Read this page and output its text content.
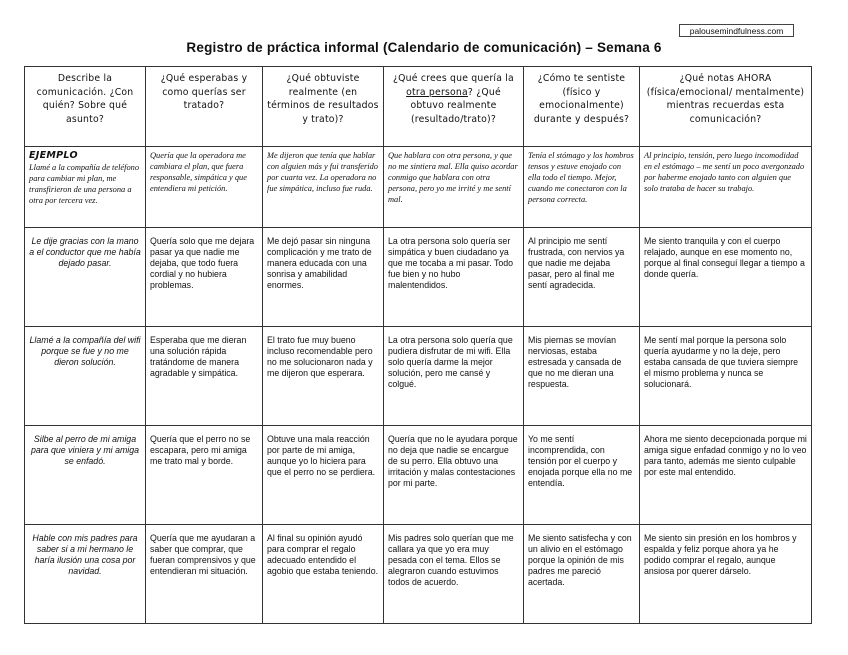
palousemindfulness.com
Registro de práctica informal (Calendario de comunicación) – Semana 6
Describe la comunicación. ¿Con quién? Sobre qué asunto?	¿Qué esperabas y como querías ser tratado?	¿Qué obtuviste realmente (en términos de resultados y trato)?	¿Qué crees que quería la otra persona? ¿Qué obtuvo realmente (resultado/trato)?	¿Cómo te sentiste (físico y emocionalmente) durante y después?	¿Qué notas AHORA (física/emocional/ mentalmente) mientras recuerdas esta comunicación?

EJEMPLO
Llamé a la compañía de teléfono para cambiar mi plan, me transfirieron de una persona a otra por tercera vez.	Quería que la operadora me cambiara el plan, que fuera responsable, simpática y que entendiera mi petición.	Me dijeron que tenía que hablar con alguien más y fui transferido por cuarta vez. La operadora no fue simpática, incluso fue ruda.	Que hablara con otra persona, y que no me sintiera mal. Ella quiso acordar conmigo que hablara con otra persona, pero yo me irrité y me sentí mal.	Tenía el stómago y los hombros tensos y estuve enojado con ella todo el tiempo. Mejor, cuando me conectaron con la persona correcta.	Al principio, tensión, pero luego incomodidad en el estómago – me sentí un poco avergonzado por haberme enojado tanto con alguien que solo trataba de hacer su trabajo.
Le dije gracias con la mano a el conductor que me había dejado pasar.	Quería solo que me dejara pasar ya que nadie me dejaba, que todo fuera cordial y no hubiera problemas.	Me dejó pasar sin ninguna complicación y me trato de manera educada con una sonrisa y amabilidad enormes.	La otra persona solo quería ser simpática y buen ciudadano ya que me tocaba a mi pasar. Todo fue bien y no hubo malentendidos.	Al principio me sentí frustrada, con nervios ya que nadie me dejaba pasar, pero al final me sentí agradecida.	Me siento tranquila y con el cuerpo relajado, aunque en ese momento no, porque al final conseguí llegar a tiempo a donde quería.
Llamé a la compañía del wifi porque se fue y no me dieron solución.	Esperaba que me dieran una solución rápida tratándome de manera agradable y simpática.	El trato fue muy bueno incluso recomendable pero no me solucionaron nada y me dijeron que esperara.	La otra persona solo quería que pudiera disfrutar de mi wifi. Ella solo quería darme la mejor solución, pero me cansé y colgué.	Mis piernas se movían nerviosas, estaba estresada y cansada de que no me dieran una respuesta.	Me sentí mal porque la persona solo quería ayudarme y no la deje, pero estaba cansada de que tuviera siempre el mismo problema y nunca se solucionará.
Silbe al perro de mi amiga para que viniera y mi amiga se enfadó.	Quería que el perro no se escapara, pero mi amiga me trato mal y borde.	Obtuve una mala reacción por parte de mi amiga, aunque yo lo hiciera para que el perro no se perdiera.	Quería que no le ayudara porque no deja que nadie se encargue de su perro. Ella obtuvo una irritación y malas contestaciones por mi parte.	Yo me sentí incomprendida, con tensión por el cuerpo y enojada porque ella no me entendía.	Ahora me siento decepcionada porque mi amiga sigue enfadad conmigo y no lo veo para tanto, además me siento culpable por este mal entendido.
Hable con mis padres para saber si a mi hermano le haría ilusión una cosa por navidad.	Quería que me ayudaran a saber que comprar, que fueran comprensivos y que entendieran mi situación.	Al final su opinión ayudó para comprar el regalo adecuado entendido el agobio que estaba teniendo.	Mis padres solo querían que me callara ya que yo era muy pesada con el tema. Ellos se alegraron cuando estuvimos todos de acuerdo.	Me siento satisfecha y con un alivio en el estómago porque la opinión de mis padres me pareció acertada.	Me siento sin presión en los hombros y espalda y feliz porque ahora ya he podido comprar el regalo, aunque ansiosa por querer dárselo.
